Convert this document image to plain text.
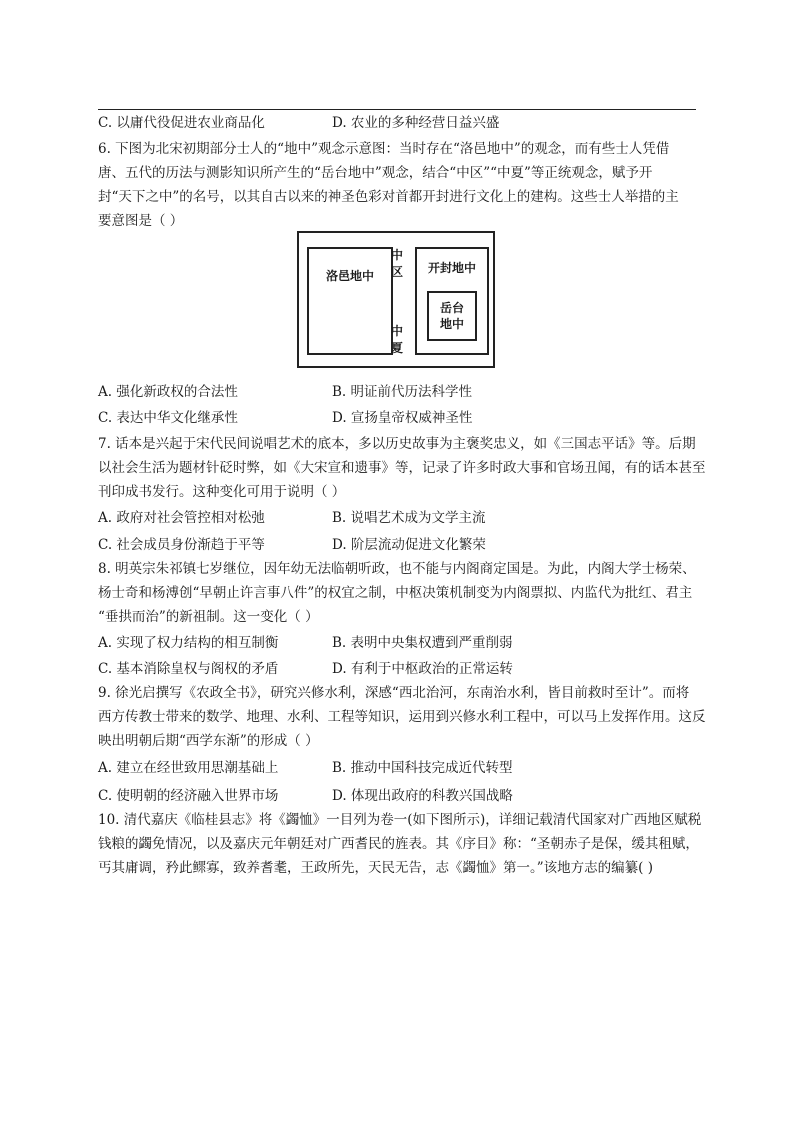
C. 以庸代役促进农业商品化	D. 农业的多种经营日益兴盛
6. 下图为北宋初期部分士人的“地中”观念示意图：当时存在“洛邑地中”的观念，而有些士人凭借
唐、五代的历法与测影知识所产生的“岳台地中”观念，结合“中区”“中夏”等正统观念，赋予开
封“天下之中”的名号，以其自古以来的神圣色彩对首都开封进行文化上的建构。这些士人举措的主
要意图是（ ）
洛邑地中
中
区
中
夏
开封地中
岳台
地中
A. 强化新政权的合法性	B. 明证前代历法科学性
C. 表达中华文化继承性	D. 宣扬皇帝权威神圣性
7. 话本是兴起于宋代民间说唱艺术的底本，多以历史故事为主褒奖忠义，如《三国志平话》等。后期
以社会生活为题材针砭时弊，如《大宋宣和遗事》等，记录了许多时政大事和官场丑闻，有的话本甚至
刊印成书发行。这种变化可用于说明（ ）
A. 政府对社会管控相对松弛	B. 说唱艺术成为文学主流
C. 社会成员身份渐趋于平等	D. 阶层流动促进文化繁荣
8. 明英宗朱祁镇七岁继位，因年幼无法临朝听政，也不能与内阁商定国是。为此，内阁大学士杨荣、
杨士奇和杨溥创“早朝止许言事八件”的权宜之制，中枢决策机制变为内阁票拟、内监代为批红、君主
“垂拱而治”的新祖制。这一变化（ ）
A. 实现了权力结构的相互制衡	B. 表明中央集权遭到严重削弱
C. 基本消除皇权与阁权的矛盾	D. 有利于中枢政治的正常运转
9. 徐光启撰写《农政全书》，研究兴修水利，深感“西北治河，东南治水利，皆目前救时至计”。而将
西方传教士带来的数学、地理、水利、工程等知识，运用到兴修水利工程中，可以马上发挥作用。这反
映出明朝后期“西学东渐”的形成（ ）
A. 建立在经世致用思潮基础上	B. 推动中国科技完成近代转型
C. 使明朝的经济融入世界市场	D. 体现出政府的科教兴国战略
10. 清代嘉庆《临桂县志》将《蠲恤》一目列为卷一(如下图所示)，详细记载清代国家对广西地区赋税
钱粮的蠲免情况，以及嘉庆元年朝廷对广西耆民的旌表。其《序目》称：“圣朝赤子是保，缓其租赋，
丐其庸调，矜此鳏寡，致养耆耄，王政所先，天民无告，志《蠲恤》第一。”该地方志的编纂( )
